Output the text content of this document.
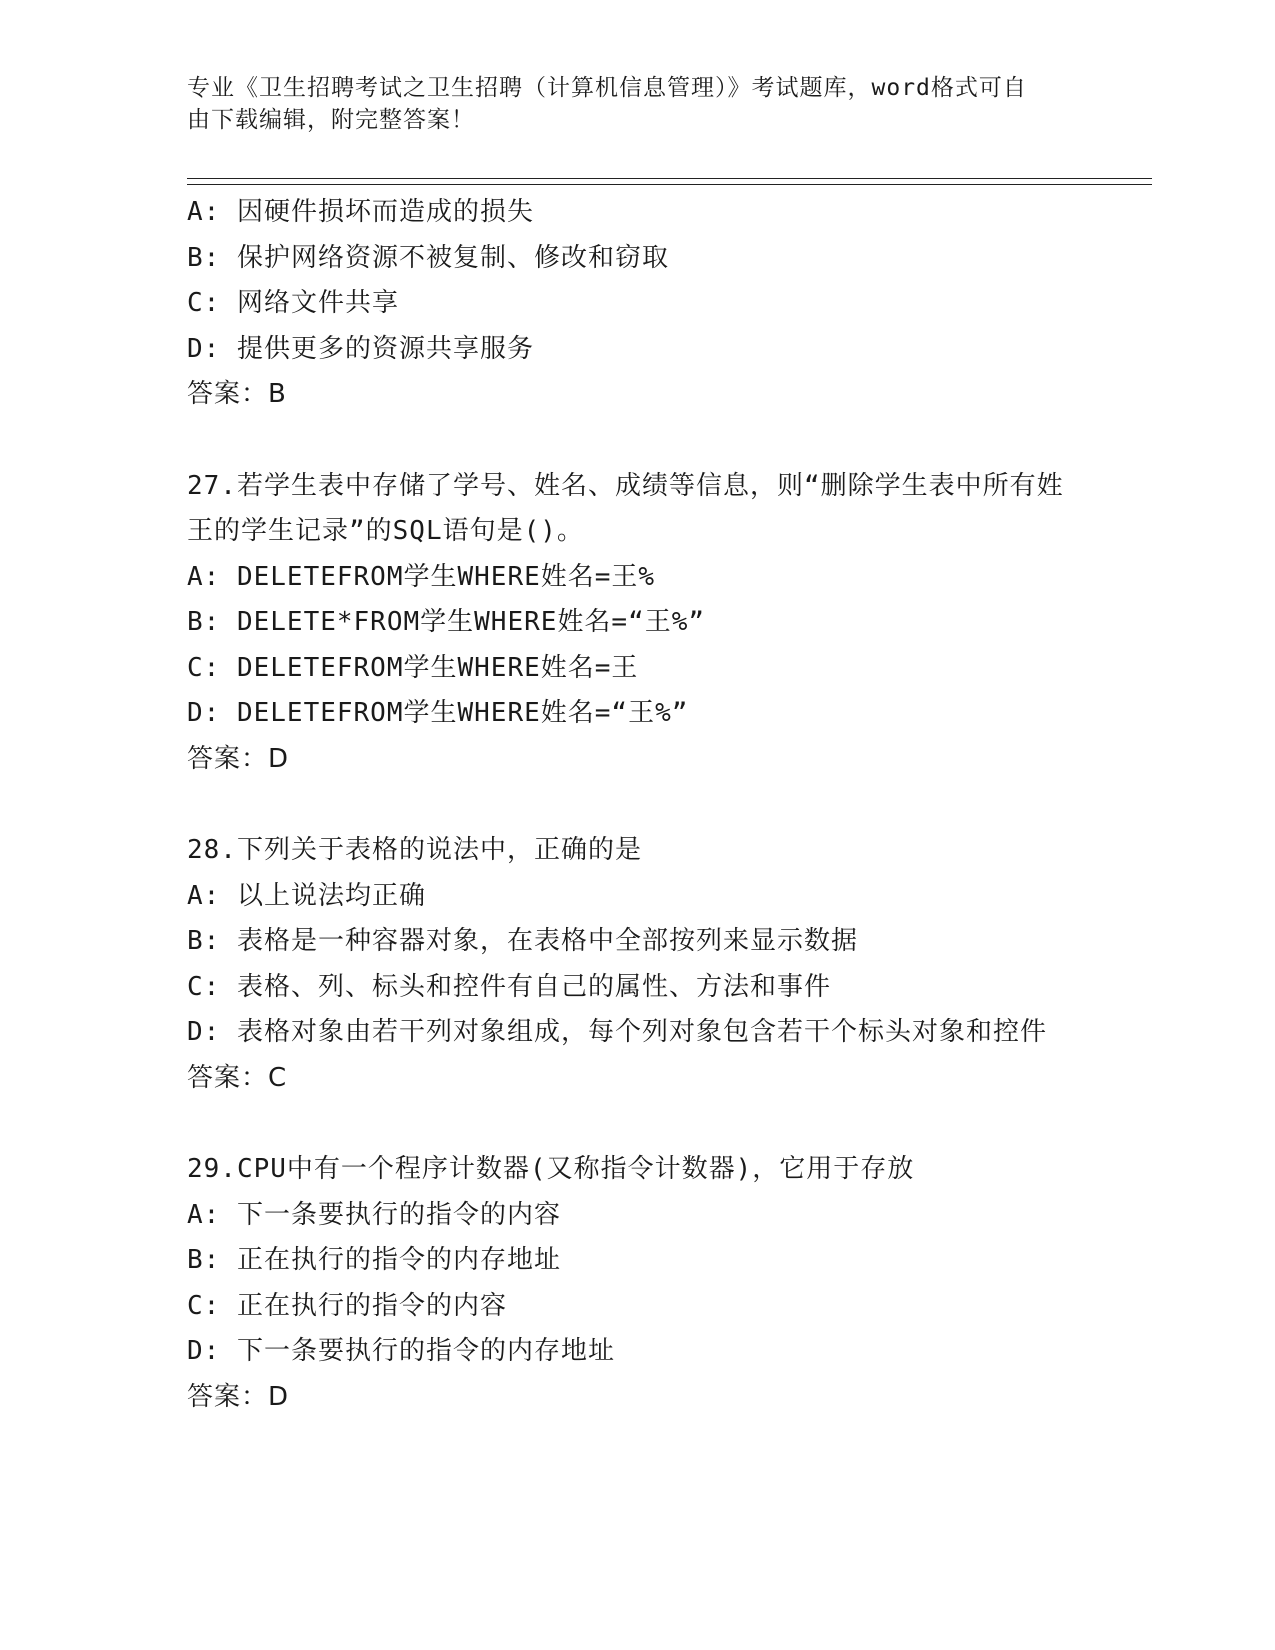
专业《卫生招聘考试之卫生招聘（计算机信息管理）》考试题库，word格式可自
由下载编辑，附完整答案！
A: 因硬件损坏而造成的损失
B: 保护网络资源不被复制、修改和窃取
C: 网络文件共享
D: 提供更多的资源共享服务
答案：B
27.若学生表中存储了学号、姓名、成绩等信息，则“删除学生表中所有姓王的学生记录”的SQL语句是()。
A: DELETEFROM学生WHERE姓名=王%
B: DELETE*FROM学生WHERE姓名=“王%”
C: DELETEFROM学生WHERE姓名=王
D: DELETEFROM学生WHERE姓名=“王%”
答案：D
28.下列关于表格的说法中，正确的是
A: 以上说法均正确
B: 表格是一种容器对象，在表格中全部按列来显示数据
C: 表格、列、标头和控件有自己的属性、方法和事件
D: 表格对象由若干列对象组成，每个列对象包含若干个标头对象和控件
答案：C
29.CPU中有一个程序计数器(又称指令计数器)，它用于存放
A: 下一条要执行的指令的内容
B: 正在执行的指令的内存地址
C: 正在执行的指令的内容
D: 下一条要执行的指令的内存地址
答案：D
